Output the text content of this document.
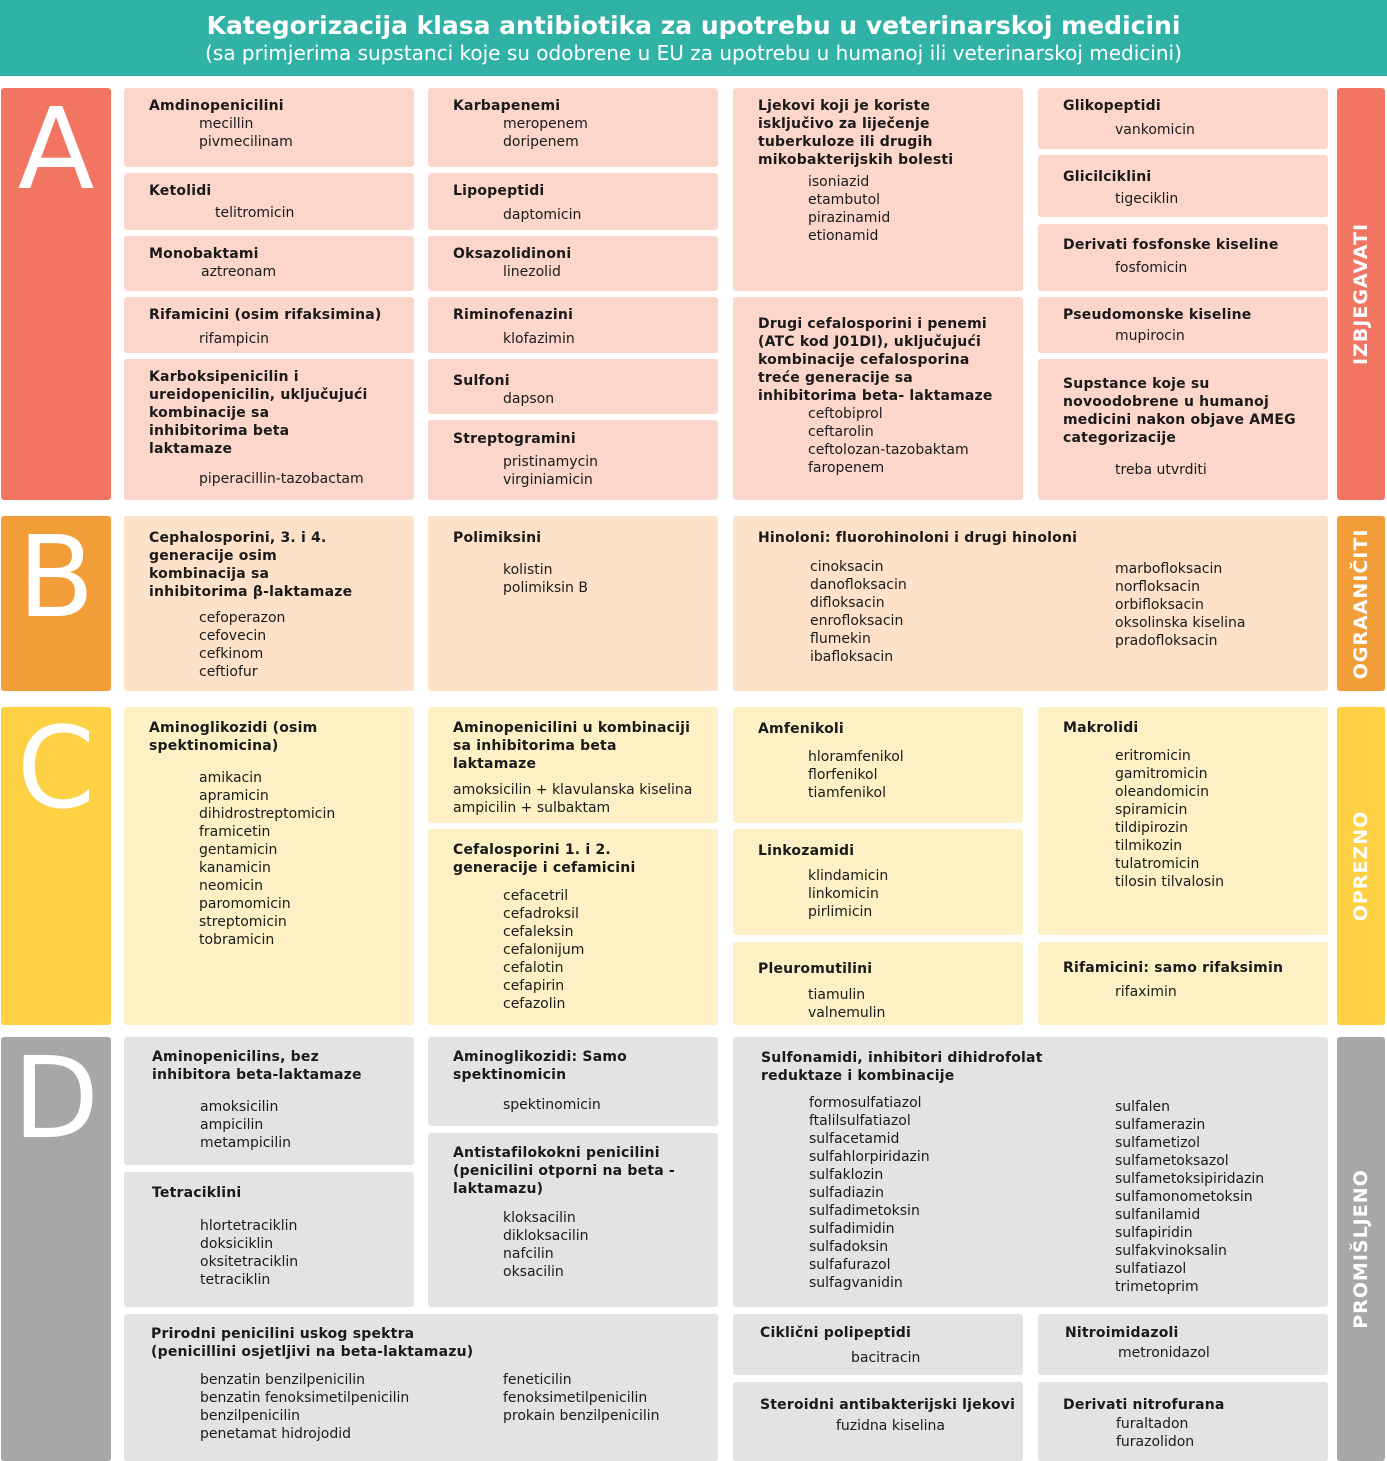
Kategorizacija klasa antibiotika za upotrebu u veterinarskoj medicini
(sa primjerima supstanci koje su odobrene u EU za upotrebu u humanoj ili veterinarskoj medicini)
A
B
C
D
IZBJEGAVATI
OGRAANIČITI
OPREZNO
PROMIŠLJENO
Amdinopenicilini
mecillin
pivmecilinam
Ketolidi
telitromicin
Monobaktami
aztreonam
Rifamicini (osim rifaksimina)
rifampicin
Karboksipenicilin i ureidopenicilin, uključujući kombinacije sa inhibitorima beta laktamaze
piperacillin-tazobactam
Karbapenemi
meropenem
doripenem
Lipopeptidi
daptomicin
Oksazolidinoni
linezolid
Riminofenazini
klofazimin
Sulfoni
dapson
Streptogramini
pristinamycin
virginiamicin
Ljekovi koji je koriste isključivo za liječenje tuberkuloze ili drugih mikobakterijskih bolesti
isoniazid
etambutol
pirazinamid
etionamid
Drugi cefalosporini i penemi (ATC kod J01DI), uključujući kombinacije cefalosporina treće generacije sa inhibitorima beta- laktamaze
ceftobiprol
ceftarolin
ceftolozan-tazobaktam
faropenem
Glikopeptidi
vankomicin
Glicilciklini
tigeciklin
Derivati fosfonske kiseline
fosfomicin
Pseudomonske kiseline
mupirocin
Supstance koje su novoodobrene u humanoj medicini nakon objave AMEG categorizacije
treba utvrditi
Cephalosporini, 3. i 4. generacije osim kombinacija sa inhibitorima β-laktamaze
cefoperazon
cefovecin
cefkinom
ceftiofur
Polimiksini
kolistin
polimiksin B
Hinoloni: fluorohinoloni i drugi hinoloni
cinoksacin
danofloksacin
difloksacin
enrofloksacin
flumekin
ibafloksacin
marbofloksacin
norfloksacin
orbifloksacin
oksolinska kiselina
pradofloksacin
Aminoglikozidi (osim spektinomicina)
amikacin
apramicin
dihidrostreptomicin
framicetin
gentamicin
kanamicin
neomicin
paromomicin
streptomicin
tobramicin
Aminopenicilini u kombinaciji sa inhibitorima beta laktamaze
amoksicilin + klavulanska kiselina
ampicilin + sulbaktam
Cefalosporini 1. i 2. generacije i cefamicini
cefacetril
cefadroksil
cefaleksin
cefalonijum
cefalotin
cefapirin
cefazolin
Amfenikoli
hloramfenikol
florfenikol
tiamfenikol
Linkozamidi
klindamicin
linkomicin
pirlimicin
Pleuromutilini
tiamulin
valnemulin
Makrolidi
eritromicin
gamitromicin
oleandomicin
spiramicin
tildipirozin
tilmikozin
tulatromicin
tilosin tilvalosin
Rifamicini: samo rifaksimin
rifaximin
Aminopenicilins, bez inhibitora beta-laktamaze
amoksicilin
ampicilin
metampicilin
Tetraciklini
hlortetraciklin
doksiciklin
oksitetraciklin
tetraciklin
Prirodni penicilini uskog spektra (penicillini osjetljivi na beta-laktamazu)
benzatin benzilpenicilin
benzatin fenoksimetilpenicilin
benzilpenicilin
penetamat hidrojodid
feneticilin
fenoksimetilpenicilin
prokain benzilpenicilin
Aminoglikozidi: Samo spektinomicin
spektinomicin
Antistafilokokni penicilini (penicilini otporni na beta - laktamazu)
kloksacilin
dikloksacilin
nafcilin
oksacilin
Sulfonamidi, inhibitori dihidrofolat reduktaze i kombinacije
formosulfatiazol
ftalilsulfatiazol
sulfacetamid
sulfahlorpiridazin
sulfaklozin
sulfadiazin
sulfadimetoksin
sulfadimidin
sulfadoksin
sulfafurazol
sulfagvanidin
sulfalen
sulfamerazin
sulfametizol
sulfametoksazol
sulfametoksipiridazin
sulfamonometoksin
sulfanilamid
sulfapiridin
sulfakvinoksalin
sulfatiazol
trimetoprim
Ciklični polipeptidi
bacitracin
Steroidni antibakterijski ljekovi
fuzidna kiselina
Nitroimidazoli
metronidazol
Derivati nitrofurana
furaltadon
furazolidon
